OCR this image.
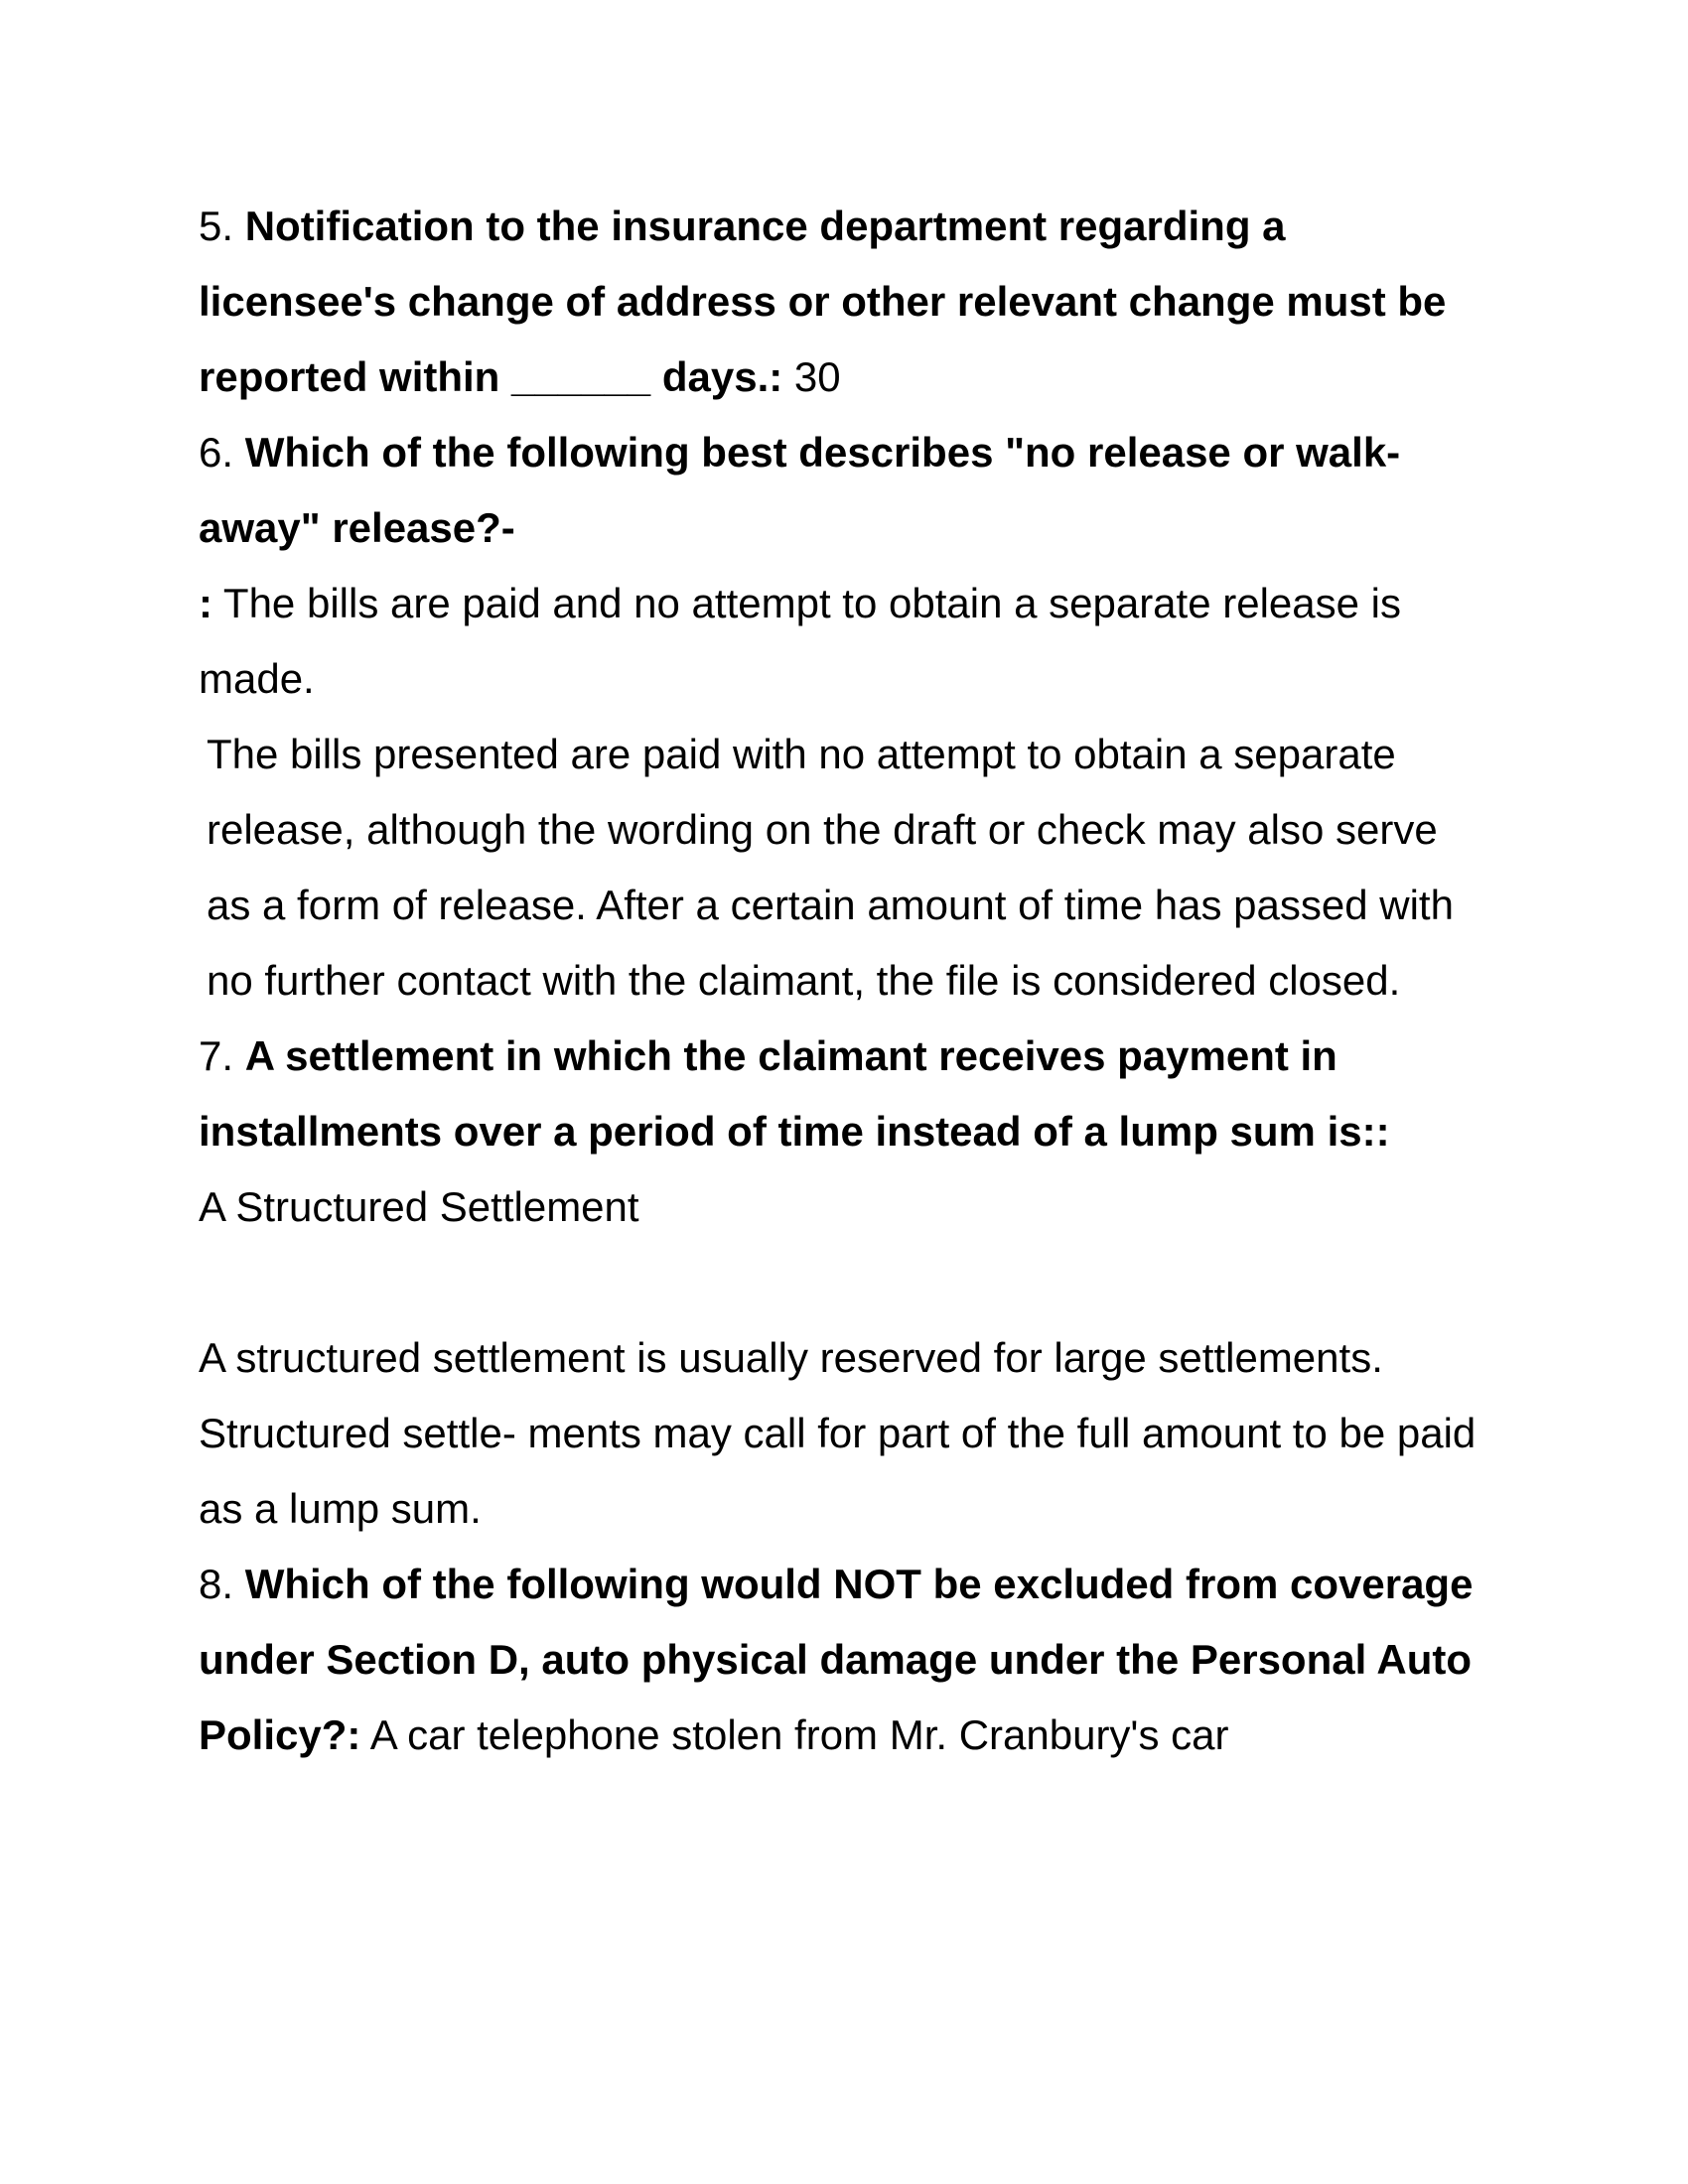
5. Notification to the insurance department regarding a licensee's change of address or other relevant change must be reported within ______ days.: 30

6. Which of the following best describes "no release or walk-away" release?-

: The bills are paid and no attempt to obtain a separate release is made.

The bills presented are paid with no attempt to obtain a separate release, although the wording on the draft or check may also serve as a form of release. After a certain amount of time has passed with no further contact with the claimant, the file is considered closed.

7. A settlement in which the claimant receives payment in installments over a period of time instead of a lump sum is::

A Structured Settlement

A structured settlement is usually reserved for large settlements. Structured settle- ments may call for part of the full amount to be paid as a lump sum.

8. Which of the following would NOT be excluded from coverage under Section D, auto physical damage under the Personal Auto Policy?: A car telephone stolen from Mr. Cranbury's car
